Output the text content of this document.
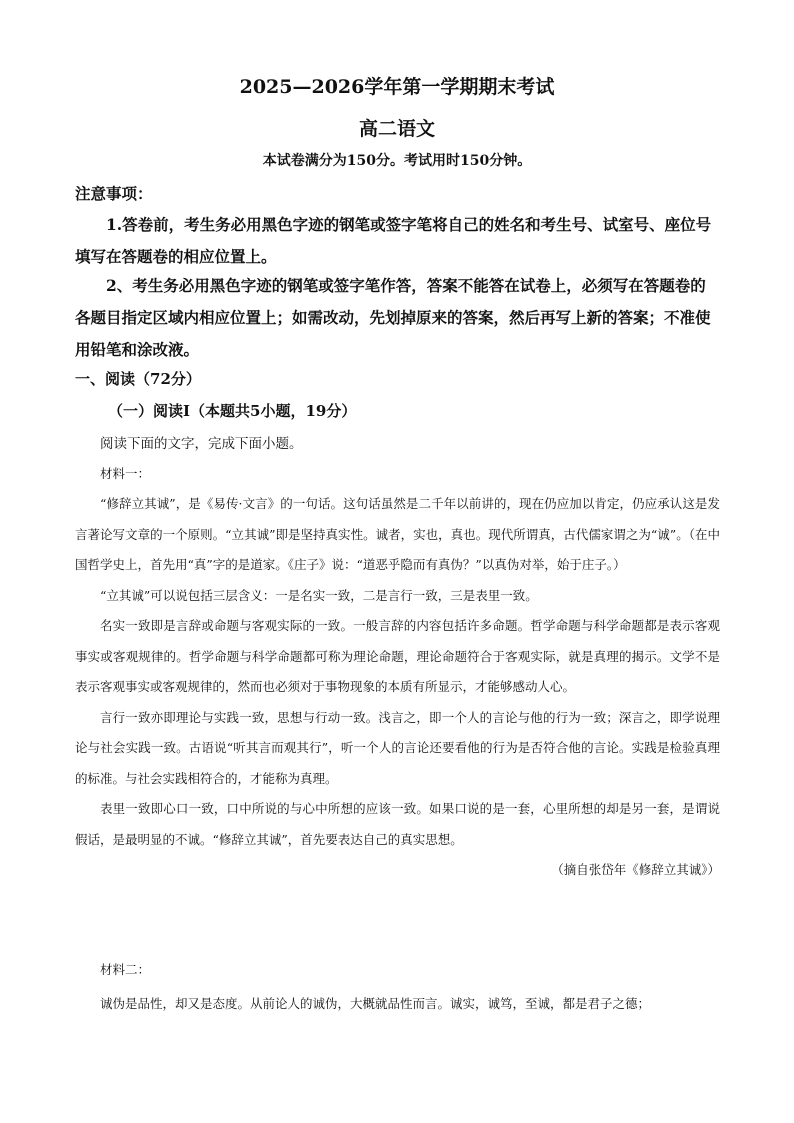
2025—2026学年第一学期期末考试
高二语文
本试卷满分为150分。考试用时150分钟。
注意事项：
1.答卷前，考生务必用黑色字迹的钢笔或签字笔将自己的姓名和考生号、试室号、座位号填写在答题卷的相应位置上。
2、考生务必用黑色字迹的钢笔或签字笔作答，答案不能答在试卷上，必须写在答题卷的各题目指定区域内相应位置上；如需改动，先划掉原来的答案，然后再写上新的答案；不准使用铅笔和涂改液。
一、阅读（72分）
（一）阅读Ⅰ（本题共5小题，19分）
阅读下面的文字，完成下面小题。
材料一：

“修辞立其诚”，是《易传·文言》的一句话。这句话虽然是二千年以前讲的，现在仍应加以肯定，仍应承认这是发言著论写文章的一个原则。“立其诚”即是坚持真实性。诚者，实也，真也。现代所谓真，古代儒家谓之为“诚”。（在中国哲学史上，首先用“真”字的是道家。《庄子》说：“道恶乎隐而有真伪？”以真伪对举，始于庄子。）

“立其诚”可以说包括三层含义：一是名实一致，二是言行一致，三是表里一致。

名实一致即是言辞或命题与客观实际的一致。一般言辞的内容包括许多命题。哲学命题与科学命题都是表示客观事实或客观规律的。哲学命题与科学命题都可称为理论命题，理论命题符合于客观实际，就是真理的揭示。文学不是表示客观事实或客观规律的，然而也必须对于事物现象的本质有所显示，才能够感动人心。

言行一致亦即理论与实践一致，思想与行动一致。浅言之，即一个人的言论与他的行为一致；深言之，即学说理论与社会实践一致。古语说“听其言而观其行”，听一个人的言论还要看他的行为是否符合他的言论。实践是检验真理的标准。与社会实践相符合的，才能称为真理。

表里一致即心口一致，口中所说的与心中所想的应该一致。如果口说的是一套，心里所想的却是另一套，是谓说假话，是最明显的不诚。“修辞立其诚”，首先要表达自己的真实思想。

（摘自张岱年《修辞立其诚》）

材料二：

诚伪是品性，却又是态度。从前论人的诚伪，大概就品性而言。诚实，诚笃，至诚，都是君子之德；
